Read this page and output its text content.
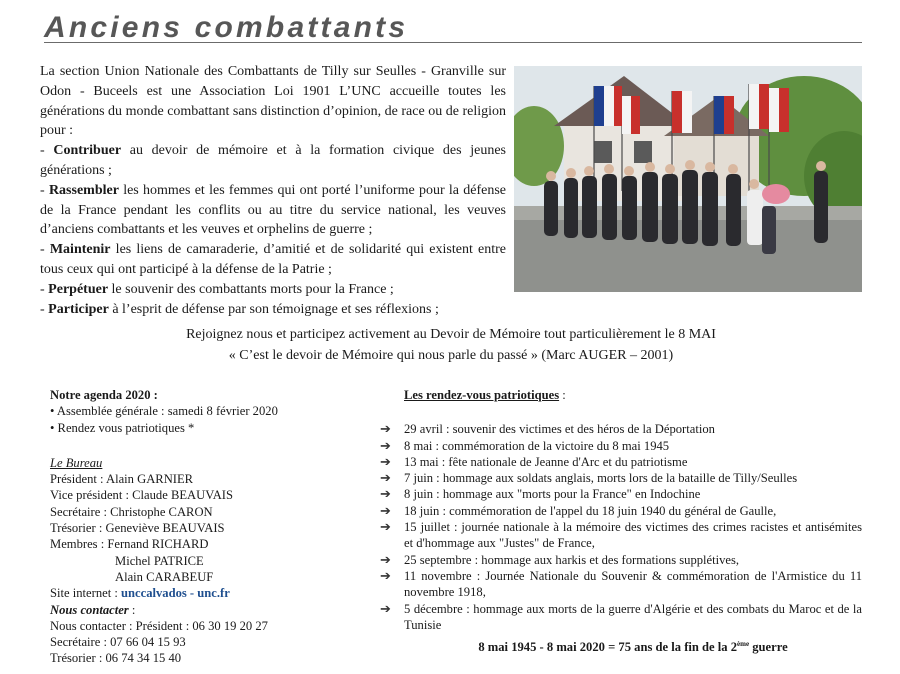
Anciens combattants

La section Union Nationale des Combattants de Tilly sur Seulles - Granville sur Odon - Buceels est une Association Loi 1901 L’UNC accueille toutes les générations du monde combattant sans distinction d’opinion, de race ou de religion pour :

- Contribuer au devoir de mémoire et à la formation civique des jeunes générations ;

- Rassembler les hommes et les femmes qui ont porté l’uniforme pour la défense de la France pendant les conflits ou au titre du service national, les veuves d’anciens combattants et les veuves et orphelins de guerre ;

- Maintenir les liens de camaraderie, d’amitié et de solidarité qui existent entre tous ceux qui ont participé à la défense de la Patrie ;

- Perpétuer le souvenir des combattants morts pour la France ;

- Participer à l’esprit de défense par son témoignage et ses réflexions ;

Rejoignez nous et participez activement au Devoir de Mémoire tout particulièrement le 8 MAI
« C’est le devoir de Mémoire qui nous parle du passé » (Marc AUGER – 2001)
Notre agenda 2020 :
• Assemblée générale : samedi 8 février 2020
• Rendez vous patriotiques *
Le Bureau
Président : Alain GARNIER
Vice président : Claude BEAUVAIS
Secrétaire : Christophe CARON
Trésorier : Geneviève BEAUVAIS
Membres : Fernand RICHARD
Michel PATRICE
Alain CARABEUF
Site internet : unccalvados - unc.fr
Nous contacter :
Nous contacter : Président : 06 30 19 20 27
Secrétaire : 07 66 04 15 93
Trésorier : 06 74 34 15 40
Les rendez-vous patriotiques :
➔	29 avril : souvenir des victimes et des héros de la Déportation
➔	8 mai : commémoration de la victoire du 8 mai 1945
➔	13 mai : fête nationale de Jeanne d'Arc et du patriotisme
➔	7 juin : hommage aux soldats anglais, morts lors de la bataille de Tilly/Seulles
➔	8 juin : hommage aux "morts pour la France" en Indochine
➔	18 juin : commémoration de l'appel du 18 juin 1940 du général de Gaulle,
➔	15 juillet : journée nationale à la mémoire des victimes des crimes racistes et antisémites et d'hommage aux "Justes" de France,
➔	25 septembre : hommage aux harkis et des formations supplétives,
➔	11 novembre : Journée Nationale du Souvenir & commémoration de l'Armistice du 11 novembre 1918,
➔	5 décembre : hommage aux morts de la guerre d'Algérie et des combats du Maroc et de la Tunisie
8 mai 1945 - 8 mai 2020 = 75 ans de la fin de la 2ème guerre
